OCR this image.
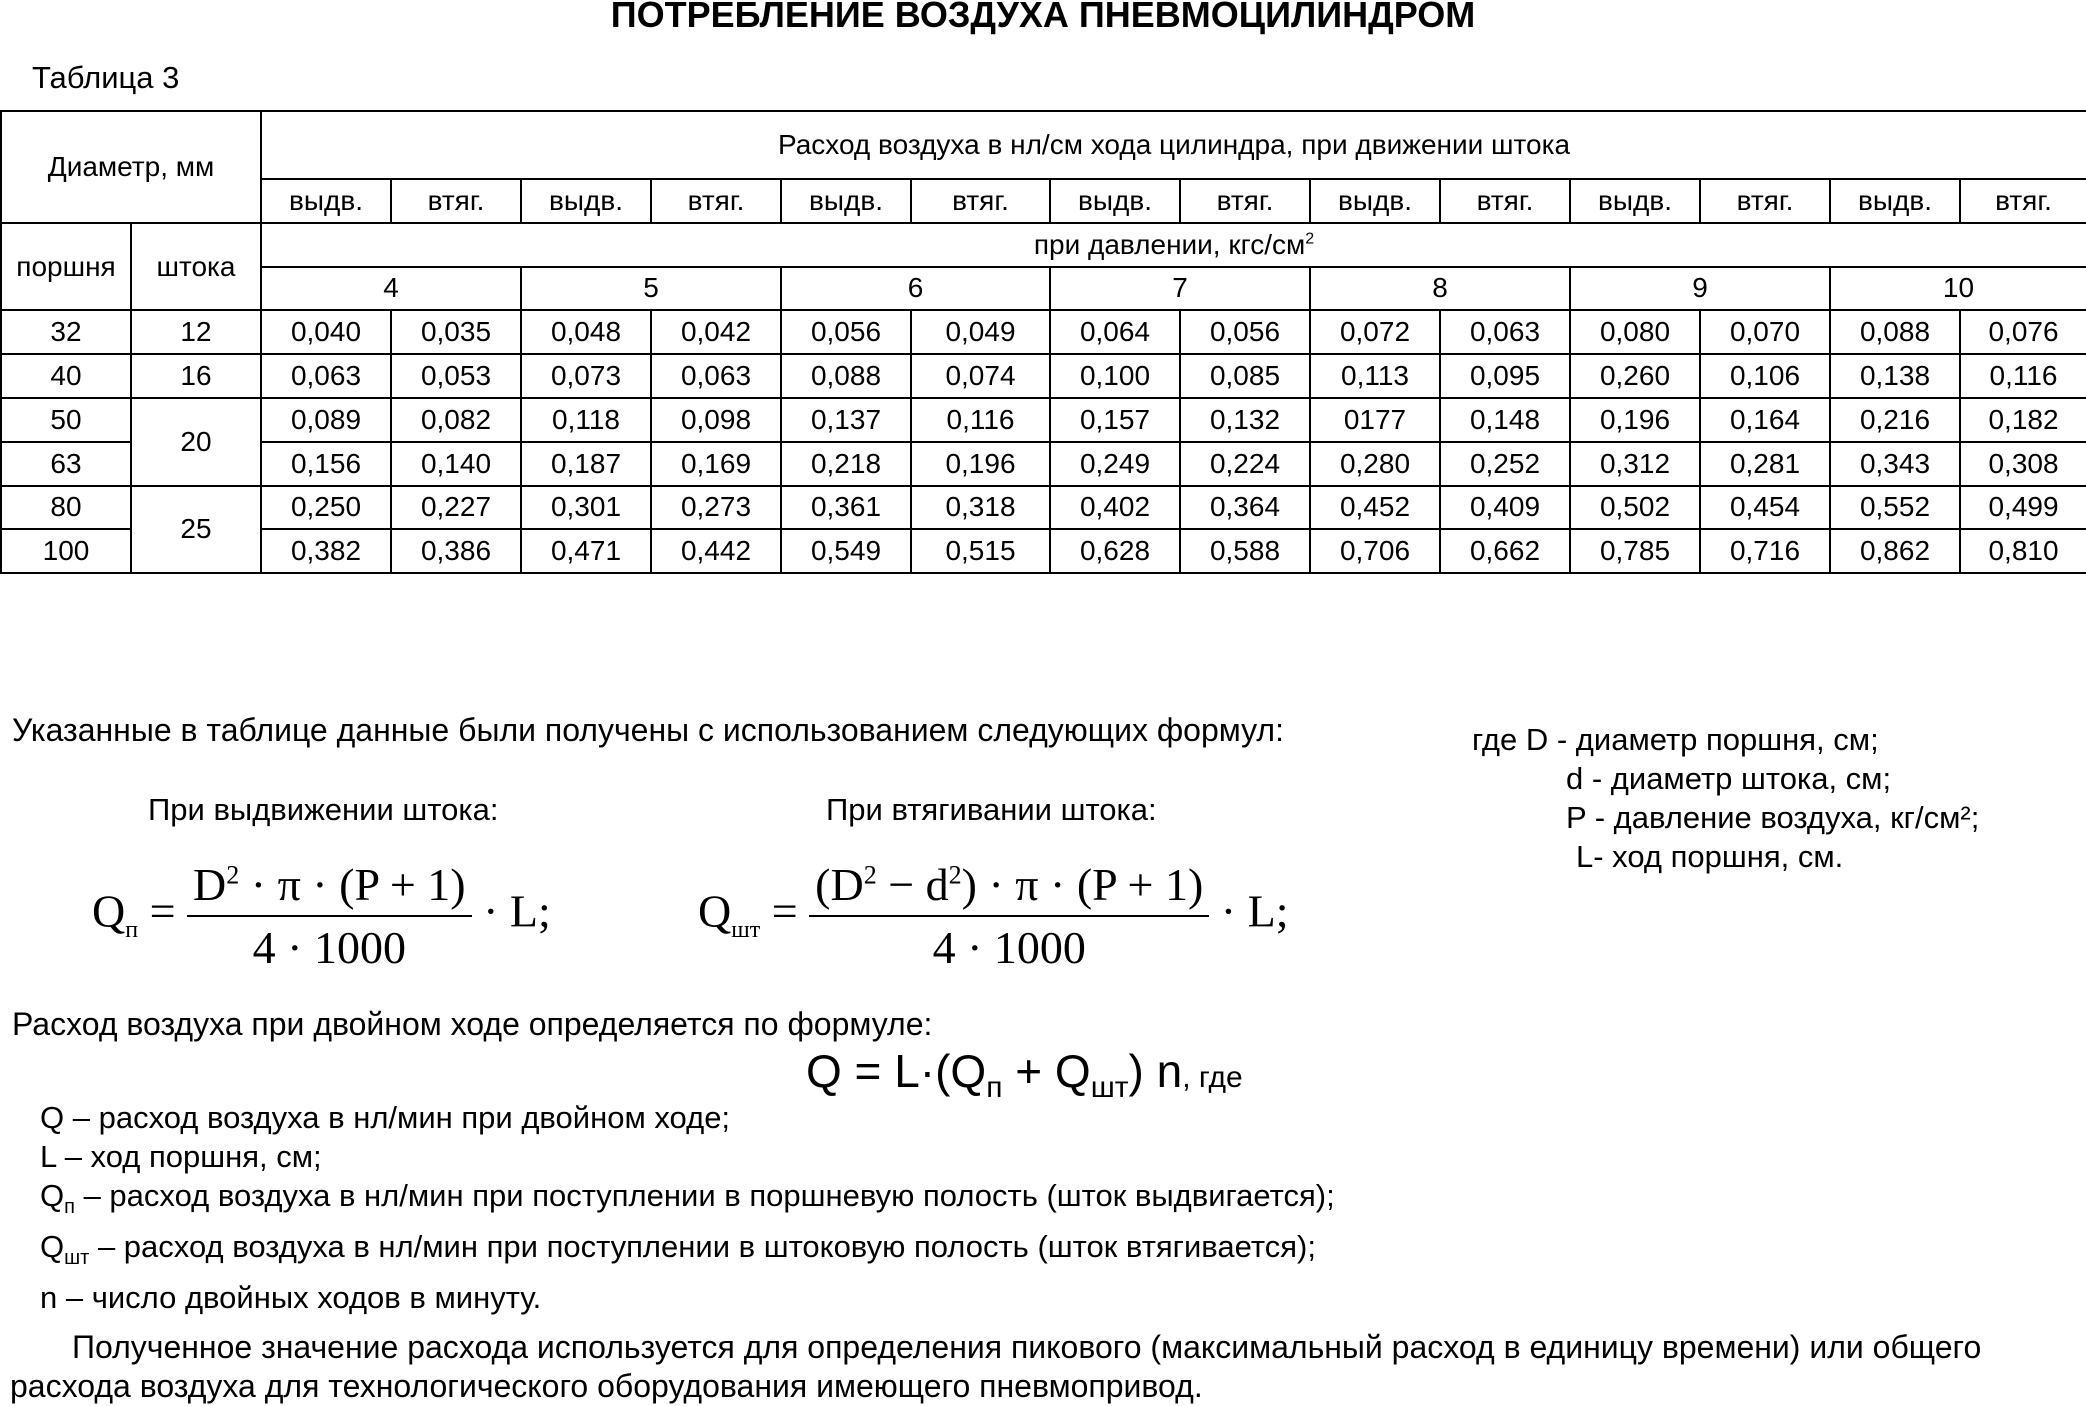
ПОТРЕБЛЕНИЕ ВОЗДУХА ПНЕВМОЦИЛИНДРОМ
Таблица 3
Диаметр, мм		Расход воздуха в нл/см хода цилиндра, при движении штока													
		выдв.	втяг.	выдв.	втяг.	выдв.	втяг.	выдв.	втяг.	выдв.	втяг.	выдв.	втяг.	выдв.	втяг.
поршня	штока	при давлении, кгс/$см^2$
		4		5		6		7		8		9		10	
32	12	0,040	0,035	0,048	0,042	0,056	0,049	0,064	0,056	0,072	0,063	0,080	0,070	0,088	0,076
40	16	0,063	0,053	0,073	0,063	0,088	0,074	0,100	0,085	0,113	0,095	0,260	0,106	0,138	0,116
50	20	0,089	0,082	0,118	0,098	0,137	0,116	0,157	0,132	0177	0,148	0,196	0,164	0,216	0,182
63		0,156	0,140	0,187	0,169	0,218	0,196	0,249	0,224	0,280	0,252	0,312	0,281	0,343	0,308
80	25	0,250	0,227	0,301	0,273	0,361	0,318	0,402	0,364	0,452	0,409	0,502	0,454	0,552	0,499
100		0,382	0,386	0,471	0,442	0,549	0,515	0,628	0,588	0,706	0,662	0,785	0,716	0,862	0,810
Указанные в таблице данные были получены с использованием следующих формул:
При выдвижении штока:	При втягивании штока:
где D - диаметр поршня, см;
d - диаметр штока, см;
P - давление воздуха, кг/см²;
L- ход поршня, см.
$Q_п = \frac{D^2 \cdot \pi \cdot (P + 1)}{4 \cdot 1000} \cdot L$;	$Q_{шт} = \frac{(D^2 - d^2) \cdot \pi \cdot (P + 1)}{4 \cdot 1000} \cdot L$;
Расход воздуха при двойном ходе определяется по формуле:
$Q = L\cdot(Q_п + Q_{шт})$ n, где
Q – расход воздуха в нл/мин при двойном ходе;
L – ход поршня, см;
$Q_п$ – расход воздуха в нл/мин при поступлении в поршневую полость (шток выдвигается);
$Q_{шт}$ – расход воздуха в нл/мин при поступлении в штоковую полость (шток втягивается);
n – число двойных ходов в минуту.
Полученное значение расхода используется для определения пикового (максимальный расход в единицу времени) или общего расхода воздуха для технологического оборудования имеющего пневмопривод.
